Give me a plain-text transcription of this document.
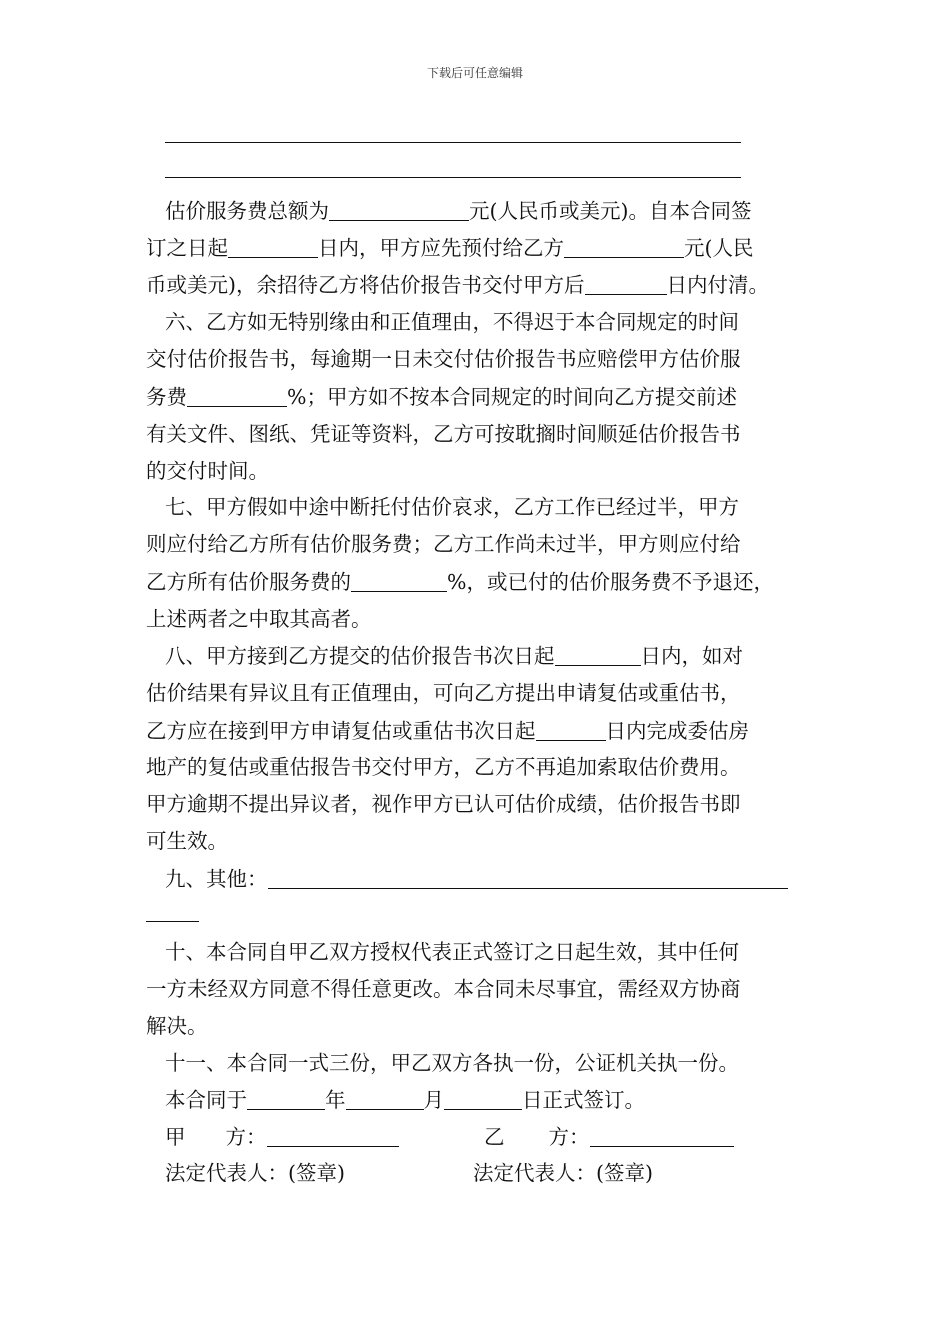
下载后可任意编辑
估价服务费总额为	元(人民币或美元)。自本合同签
订之日起	日内，甲方应先预付给乙方	元(人民
币或美元)，余招待乙方将估价报告书交付甲方后	日内付清。
六、乙方如无特别缘由和正值理由，不得迟于本合同规定的时间
交付估价报告书，每逾期一日未交付估价报告书应赔偿甲方估价服
务费	%；甲方如不按本合同规定的时间向乙方提交前述
有关文件、图纸、凭证等资料，乙方可按耽搁时间顺延估价报告书
的交付时间。
七、甲方假如中途中断托付估价哀求，乙方工作已经过半，甲方
则应付给乙方所有估价服务费；乙方工作尚未过半，甲方则应付给
乙方所有估价服务费的	%，或已付的估价服务费不予退还，
上述两者之中取其高者。
八、甲方接到乙方提交的估价报告书次日起	日内，如对
估价结果有异议且有正值理由，可向乙方提出申请复估或重估书，
乙方应在接到甲方申请复估或重估书次日起	日内完成委估房
地产的复估或重估报告书交付甲方，乙方不再追加索取估价费用。
甲方逾期不提出异议者，视作甲方已认可估价成绩，估价报告书即
可生效。
九、其他：
十、本合同自甲乙双方授权代表正式签订之日起生效，其中任何
一方未经双方同意不得任意更改。本合同未尽事宜，需经双方协商
解决。
十一、本合同一式三份，甲乙双方各执一份，公证机关执一份。
本合同于	年	月	日正式签订。
甲 方：	乙 方：
法定代表人：(签章)	法定代表人：(签章)
